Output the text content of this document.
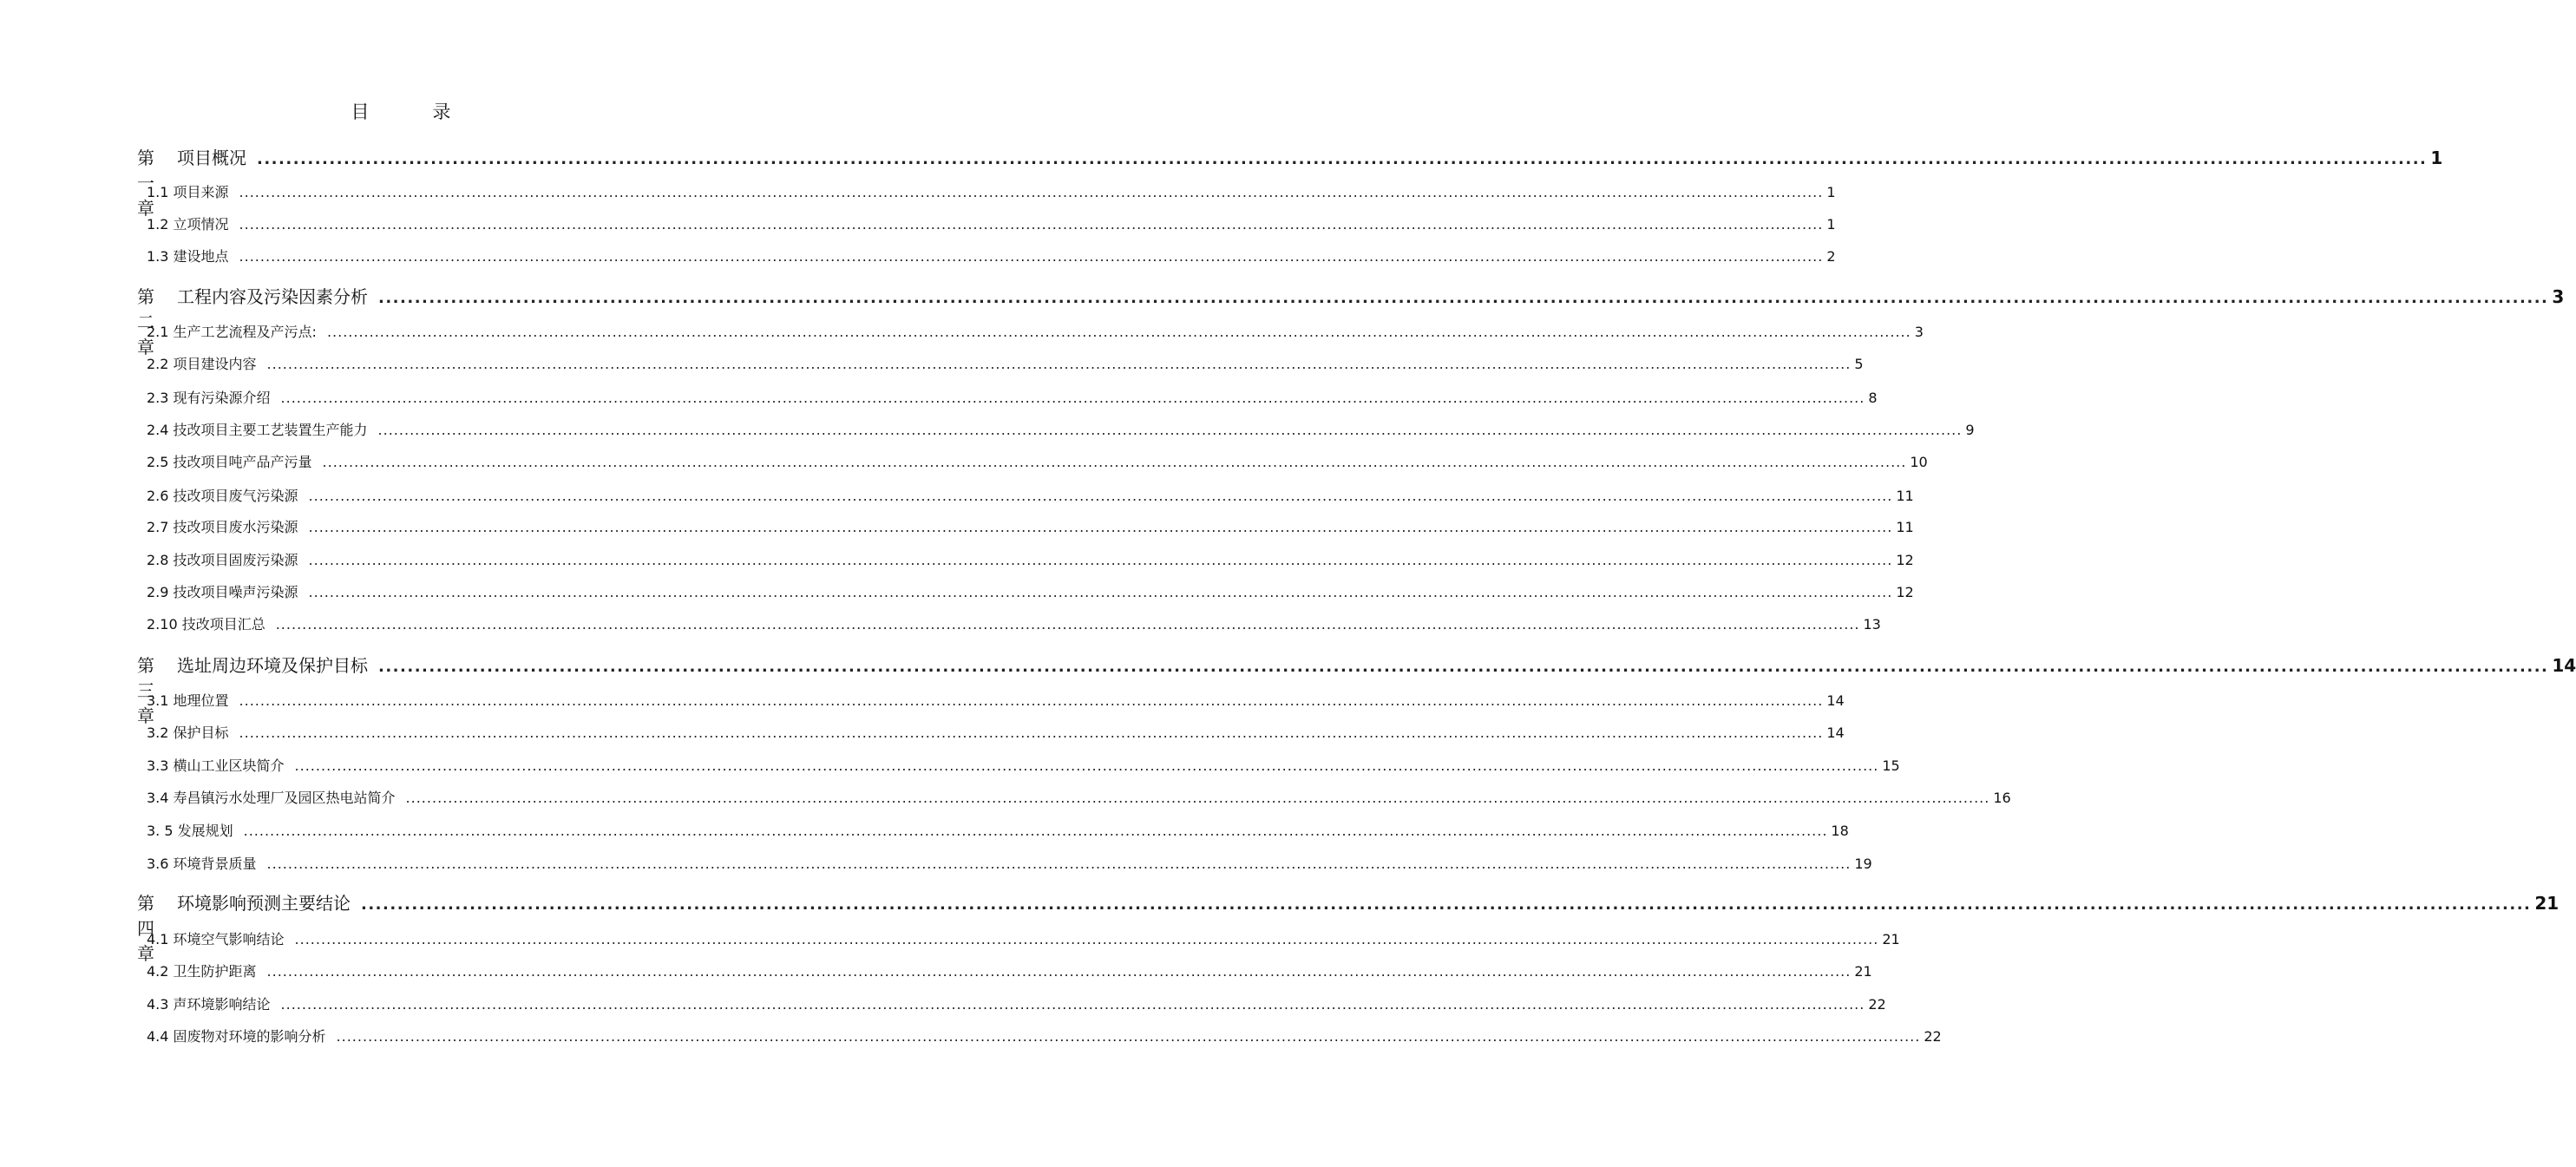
目　录
第一章
项目概况 ............................................................................................................................................................................................................................................................................................................ 1
1.1 项目来源 ............................................................................................................................................................................................................................................................................................................ 1
1.2 立项情况 ............................................................................................................................................................................................................................................................................................................ 1
1.3 建设地点 ............................................................................................................................................................................................................................................................................................................ 2
第二章
工程内容及污染因素分析 ............................................................................................................................................................................................................................................................................................................ 3
2.1 生产工艺流程及产污点: ............................................................................................................................................................................................................................................................................................................ 3
2.2 项目建设内容 ............................................................................................................................................................................................................................................................................................................ 5
2.3 现有污染源介绍 ............................................................................................................................................................................................................................................................................................................ 8
2.4 技改项目主要工艺装置生产能力 ............................................................................................................................................................................................................................................................................................................ 9
2.5 技改项目吨产品产污量 ............................................................................................................................................................................................................................................................................................................ 10
2.6 技改项目废气污染源 ............................................................................................................................................................................................................................................................................................................ 11
2.7 技改项目废水污染源 ............................................................................................................................................................................................................................................................................................................ 11
2.8 技改项目固废污染源 ............................................................................................................................................................................................................................................................................................................ 12
2.9 技改项目噪声污染源 ............................................................................................................................................................................................................................................................................................................ 12
2.10 技改项目汇总 ............................................................................................................................................................................................................................................................................................................ 13
第三章
选址周边环境及保护目标 ............................................................................................................................................................................................................................................................................................................ 14
3.1 地理位置 ............................................................................................................................................................................................................................................................................................................ 14
3.2 保护目标 ............................................................................................................................................................................................................................................................................................................ 14
3.3 横山工业区块简介 ............................................................................................................................................................................................................................................................................................................ 15
3.4 寿昌镇污水处理厂及园区热电站简介 ............................................................................................................................................................................................................................................................................................................ 16
3. 5 发展规划 ............................................................................................................................................................................................................................................................................................................ 18
3.6 环境背景质量 ............................................................................................................................................................................................................................................................................................................ 19
第四章
环境影响预测主要结论 ............................................................................................................................................................................................................................................................................................................ 21
4.1 环境空气影响结论 ............................................................................................................................................................................................................................................................................................................ 21
4.2 卫生防护距离 ............................................................................................................................................................................................................................................................................................................ 21
4.3 声环境影响结论 ............................................................................................................................................................................................................................................................................................................ 22
4.4 固废物对环境的影响分析 ............................................................................................................................................................................................................................................................................................................ 22
